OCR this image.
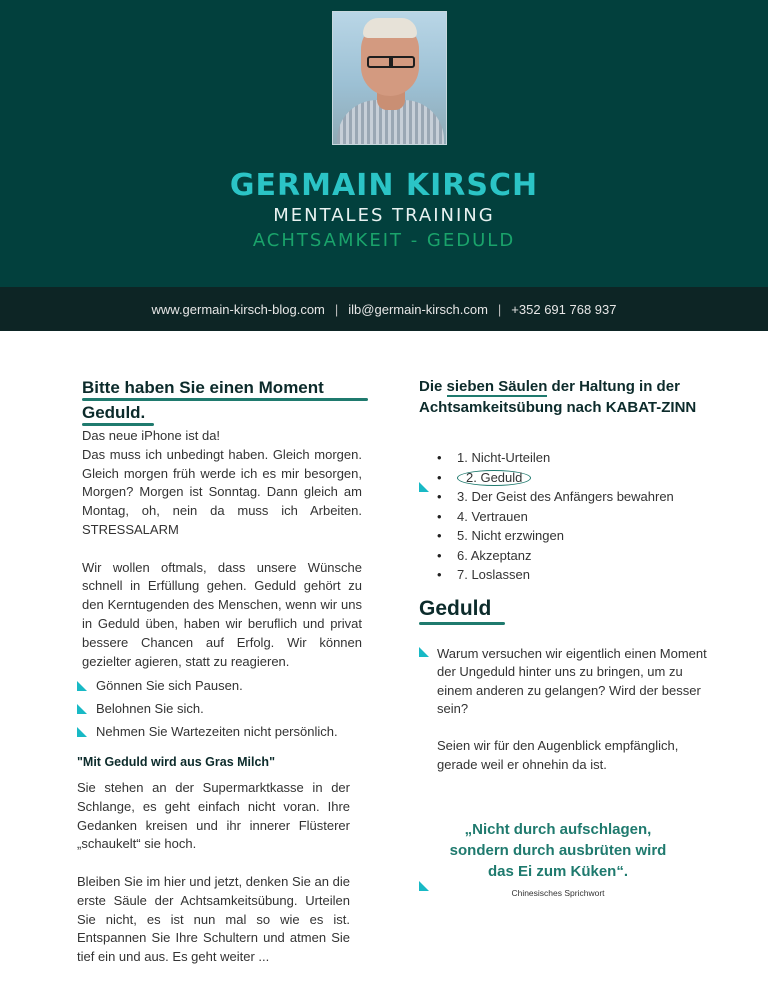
GERMAIN KIRSCH
MENTALES TRAINING
ACHTSAMKEIT - GEDULD
www.germain-kirsch-blog.com | ilb@germain-kirsch.com | +352 691 768 937
Bitte haben Sie einen Moment
Geduld.
Das neue iPhone ist da!
Das muss ich unbedingt haben. Gleich morgen. Gleich morgen früh werde ich es mir besorgen, Morgen? Morgen ist Sonntag. Dann gleich am Montag, oh, nein da muss ich Arbeiten. STRESSALARM
Wir wollen oftmals, dass unsere Wünsche schnell in Erfüllung gehen. Geduld gehört zu den Kerntugenden des Menschen, wenn wir uns in Geduld üben, haben wir beruflich und privat bessere Chancen auf Erfolg. Wir können gezielter agieren, statt zu reagieren.
Gönnen Sie sich Pausen.
Belohnen Sie sich.
Nehmen Sie Wartezeiten nicht persönlich.
"Mit Geduld wird aus Gras Milch"
Sie stehen an der Supermarktkasse in der Schlange, es geht einfach nicht voran. Ihre Gedanken kreisen und ihr innerer Flüsterer „schaukelt“ sie hoch.
Bleiben Sie im hier und jetzt, denken Sie an die erste Säule der Achtsamkeitsübung. Urteilen Sie nicht, es ist nun mal so wie es ist. Entspannen Sie Ihre Schultern und atmen Sie tief ein und aus. Es geht weiter ...
Die sieben Säulen der Haltung in der Achtsamkeitsübung nach KABAT-ZINN
• 1. Nicht-Urteilen
• 2. Geduld
• 3. Der Geist des Anfängers bewahren
• 4. Vertrauen
• 5. Nicht erzwingen
• 6. Akzeptanz
• 7. Loslassen
Geduld
Warum versuchen wir eigentlich einen Moment der Ungeduld hinter uns zu bringen, um zu einem anderen zu gelangen? Wird der besser sein?
Seien wir für den Augenblick empfänglich, gerade weil er ohnehin da ist.
„Nicht durch aufschlagen, sondern durch ausbrüten wird das Ei zum Küken“.
Chinesisches Sprichwort
